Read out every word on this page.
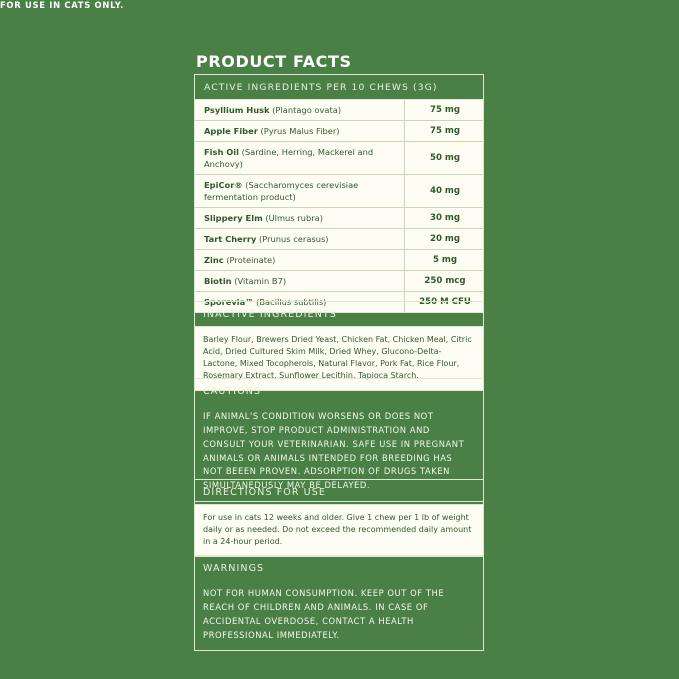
PRODUCT FACTS
ACTIVE INGREDIENTS PER 10 CHEWS (3G)
Psyllium Husk (Plantago ovata)	75 mg
Apple Fiber (Pyrus Malus Fiber)	75 mg
Fish Oil (Sardine, Herring, Mackerel and Anchovy)	50 mg
EpiCor® (Saccharomyces cerevisiae fermentation product)	40 mg
Slippery Elm (Ulmus rubra)	30 mg
Tart Cherry (Prunus cerasus)	20 mg
Zinc (Proteinate)	5 mg
Biotin (Vitamin B7)	250 mcg
Sporevia™ (Bacillus subtilis)	250 M CFU
INACTIVE INGREDIENTS
Barley Flour, Brewers Dried Yeast, Chicken Fat, Chicken Meal, Citric Acid, Dried Cultured Skim Milk, Dried Whey, Glucono-Delta-Lactone, Mixed Tocopherols, Natural Flavor, Pork Fat, Rice Flour, Rosemary Extract, Sunflower Lecithin, Tapioca Starch.
CAUTIONS
IF ANIMAL'S CONDITION WORSENS OR DOES NOT IMPROVE, STOP PRODUCT ADMINISTRATION AND CONSULT YOUR VETERINARIAN. SAFE USE IN PREGNANT ANIMALS OR ANIMALS INTENDED FOR BREEDING HAS NOT BEEEN PROVEN. ADSORPTION OF DRUGS TAKEN SIMULTANEDUSLY MAY BE DELAYED.
FOR USE IN CATS ONLY.
DIRECTIONS FOR USE
For use in cats 12 weeks and older. Give 1 chew per 1 lb of weight daily or as needed. Do not exceed the recommended daily amount in a 24-hour period.
WARNINGS
NOT FOR HUMAN CONSUMPTION. KEEP OUT OF THE REACH OF CHILDREN AND ANIMALS. IN CASE OF ACCIDENTAL OVERDOSE, CONTACT A HEALTH PROFESSIONAL IMMEDIATELY.
